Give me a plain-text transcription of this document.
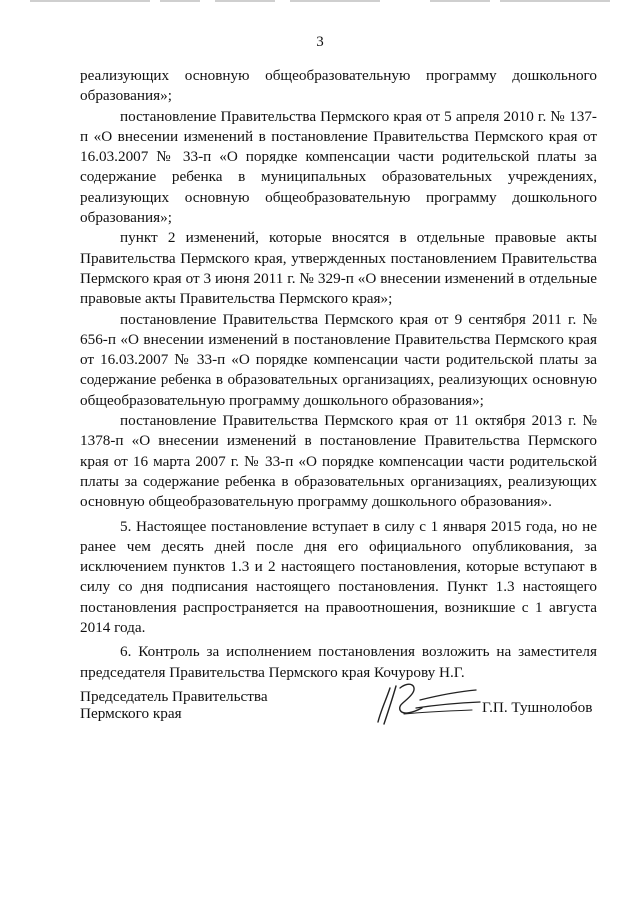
3

реализующих основную общеобразовательную программу дошкольного образования»;

постановление Правительства Пермского края от 5 апреля 2010 г. № 137-п «О внесении изменений в постановление Правительства Пермского края от 16.03.2007 № 33-п «О порядке компенсации части родительской платы за содержание ребенка в муниципальных образовательных учреждениях, реализующих основную общеобразовательную программу дошкольного образования»;

пункт 2 изменений, которые вносятся в отдельные правовые акты Правительства Пермского края, утвержденных постановлением Правительства Пермского края от 3 июня 2011 г. № 329-п «О внесении изменений в отдельные правовые акты Правительства Пермского края»;

постановление Правительства Пермского края от 9 сентября 2011 г. № 656-п «О внесении изменений в постановление Правительства Пермского края от 16.03.2007 № 33-п «О порядке компенсации части родительской платы за содержание ребенка в образовательных организациях, реализующих основную общеобразовательную программу дошкольного образования»;

постановление Правительства Пермского края от 11 октября 2013 г. № 1378-п «О внесении изменений в постановление Правительства Пермского края от 16 марта 2007 г. № 33-п «О порядке компенсации части родительской платы за содержание ребенка в образовательных организациях, реализующих основную общеобразовательную программу дошкольного образования».

5. Настоящее постановление вступает в силу с 1 января 2015 года, но не ранее чем десять дней после дня его официального опубликования, за исключением пунктов 1.3 и 2 настоящего постановления, которые вступают в силу со дня подписания настоящего постановления. Пункт 1.3 настоящего постановления распространяется на правоотношения, возникшие с 1 августа 2014 года.

6. Контроль за исполнением постановления возложить на заместителя председателя Правительства Пермского края Кочурову Н.Г.

Председатель Правительства
Пермского края	Г.П. Тушнолобов
